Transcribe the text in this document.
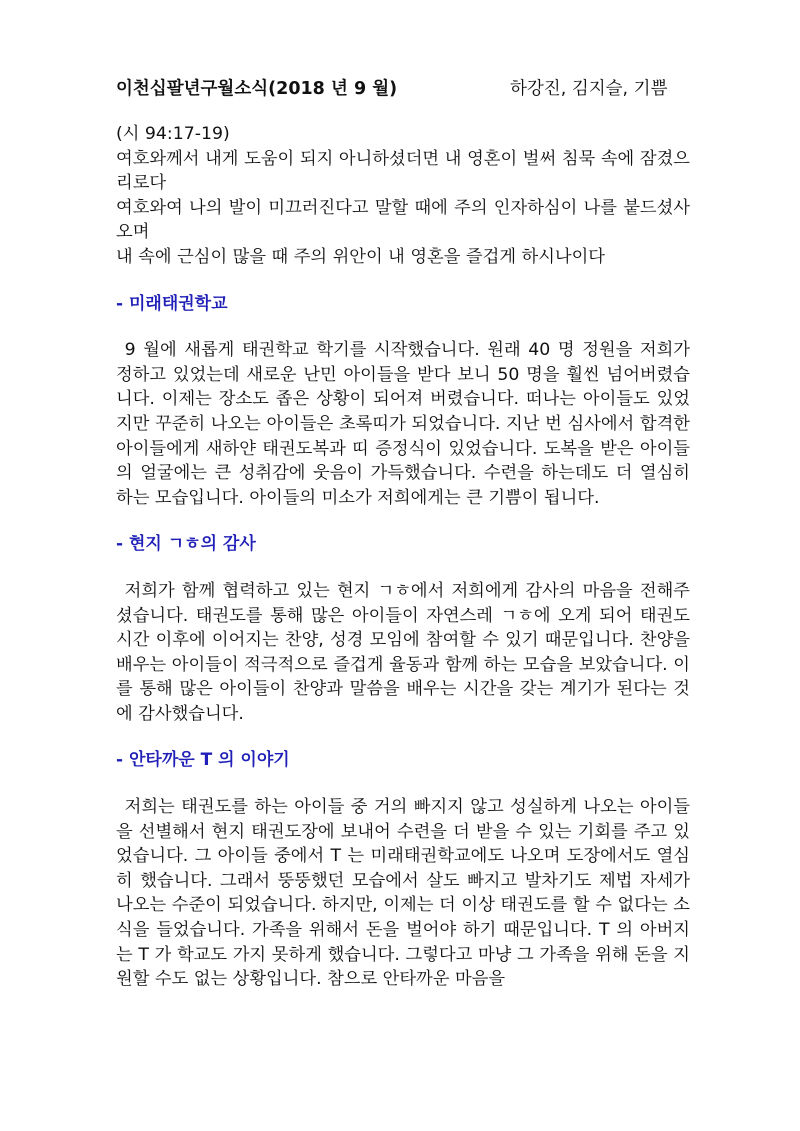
이천십팔년구월소식(2018 년 9 월)	하강진, 김지슬, 기쁨

(시 94:17-19)

여호와께서 내게 도움이 되지 아니하셨더면 내 영혼이 벌써 침묵 속에 잠겼으리로다

여호와여 나의 발이 미끄러진다고 말할 때에 주의 인자하심이 나를 붙드셨사오며

내 속에 근심이 많을 때 주의 위안이 내 영혼을 즐겁게 하시나이다

- 미래태권학교

9 월에 새롭게 태권학교 학기를 시작했습니다. 원래 40 명 정원을 저희가 정하고 있었는데 새로운 난민 아이들을 받다 보니 50 명을 훨씬 넘어버렸습니다. 이제는 장소도 좁은 상황이 되어져 버렸습니다. 떠나는 아이들도 있었지만 꾸준히 나오는 아이들은 초록띠가 되었습니다. 지난 번 심사에서 합격한 아이들에게 새하얀 태권도복과 띠 증정식이 있었습니다. 도복을 받은 아이들의 얼굴에는 큰 성취감에 웃음이 가득했습니다. 수련을 하는데도 더 열심히 하는 모습입니다. 아이들의 미소가 저희에게는 큰 기쁨이 됩니다.

- 현지 ㄱㅎ의 감사

저희가 함께 협력하고 있는 현지 ㄱㅎ에서 저희에게 감사의 마음을 전해주셨습니다. 태권도를 통해 많은 아이들이 자연스레 ㄱㅎ에 오게 되어 태권도 시간 이후에 이어지는 찬양, 성경 모임에 참여할 수 있기 때문입니다. 찬양을 배우는 아이들이 적극적으로 즐겁게 율동과 함께 하는 모습을 보았습니다. 이를 통해 많은 아이들이 찬양과 말씀을 배우는 시간을 갖는 계기가 된다는 것에 감사했습니다.

- 안타까운 T 의 이야기

저희는 태권도를 하는 아이들 중 거의 빠지지 않고 성실하게 나오는 아이들을 선별해서 현지 태권도장에 보내어 수련을 더 받을 수 있는 기회를 주고 있었습니다. 그 아이들 중에서 T 는 미래태권학교에도 나오며 도장에서도 열심히 했습니다. 그래서 뚱뚱했던 모습에서 살도 빠지고 발차기도 제법 자세가 나오는 수준이 되었습니다. 하지만, 이제는 더 이상 태권도를 할 수 없다는 소식을 들었습니다. 가족을 위해서 돈을 벌어야 하기 때문입니다. T 의 아버지는 T 가 학교도 가지 못하게 했습니다. 그렇다고 마냥 그 가족을 위해 돈을 지원할 수도 없는 상황입니다. 참으로 안타까운 마음을
